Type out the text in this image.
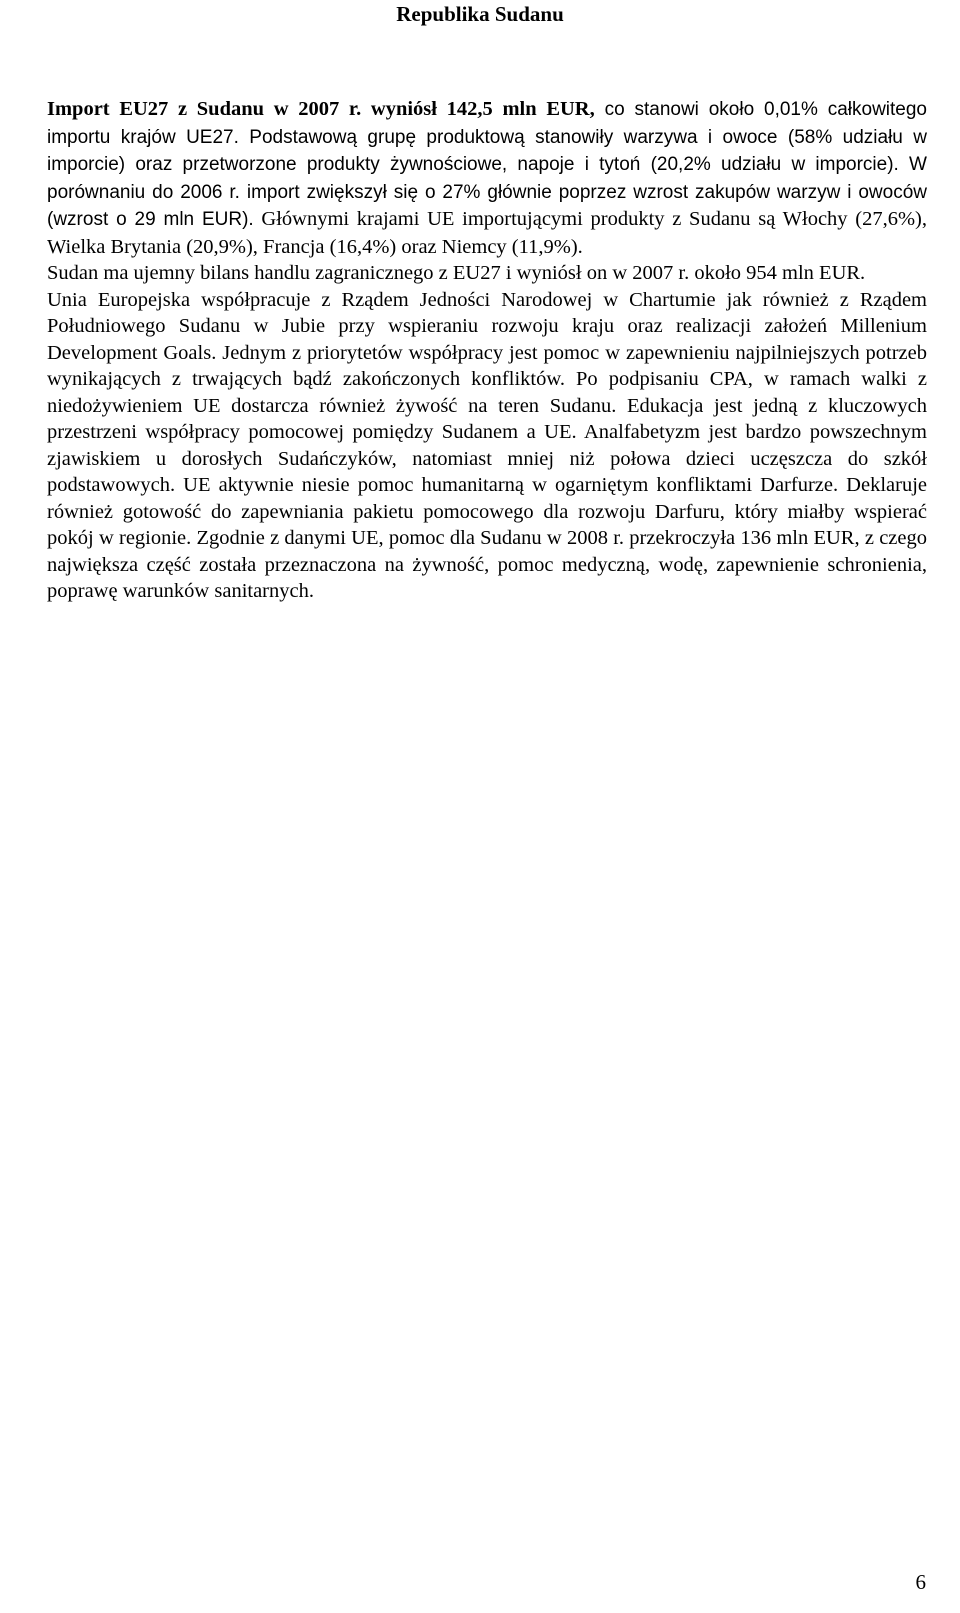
Republika Sudanu

Import EU27 z Sudanu w 2007 r. wyniósł 142,5 mln EUR, co stanowi około 0,01% całkowitego importu krajów UE27. Podstawową grupę produktową stanowiły warzywa i owoce (58% udziału w imporcie) oraz przetworzone produkty żywnościowe, napoje i tytoń (20,2% udziału w imporcie). W porównaniu do 2006 r. import zwiększył się o 27% głównie poprzez wzrost zakupów warzyw i owoców (wzrost o 29 mln EUR). Głównymi krajami UE importującymi produkty z Sudanu są Włochy (27,6%), Wielka Brytania (20,9%), Francja (16,4%) oraz Niemcy (11,9%).

Sudan ma ujemny bilans handlu zagranicznego z EU27 i wyniósł on w 2007 r. około 954 mln EUR.

Unia Europejska współpracuje z Rządem Jedności Narodowej w Chartumie jak również z Rządem Południowego Sudanu w Jubie przy wspieraniu rozwoju kraju oraz realizacji założeń Millenium Development Goals. Jednym z priorytetów współpracy jest pomoc w zapewnieniu najpilniejszych potrzeb wynikających z trwających bądź zakończonych konfliktów. Po podpisaniu CPA, w ramach walki z niedożywieniem UE dostarcza również żywość na teren Sudanu. Edukacja jest jedną z kluczowych przestrzeni współpracy pomocowej pomiędzy Sudanem a UE. Analfabetyzm jest bardzo powszechnym zjawiskiem u dorosłych Sudańczyków, natomiast mniej niż połowa dzieci uczęszcza do szkół podstawowych. UE aktywnie niesie pomoc humanitarną w ogarniętym konfliktami Darfurze. Deklaruje również gotowość do zapewniania pakietu pomocowego dla rozwoju Darfuru, który miałby wspierać pokój w regionie. Zgodnie z danymi UE, pomoc dla Sudanu w 2008 r. przekroczyła 136 mln EUR, z czego największa część została przeznaczona na żywność, pomoc medyczną, wodę, zapewnienie schronienia, poprawę warunków sanitarnych.

6
